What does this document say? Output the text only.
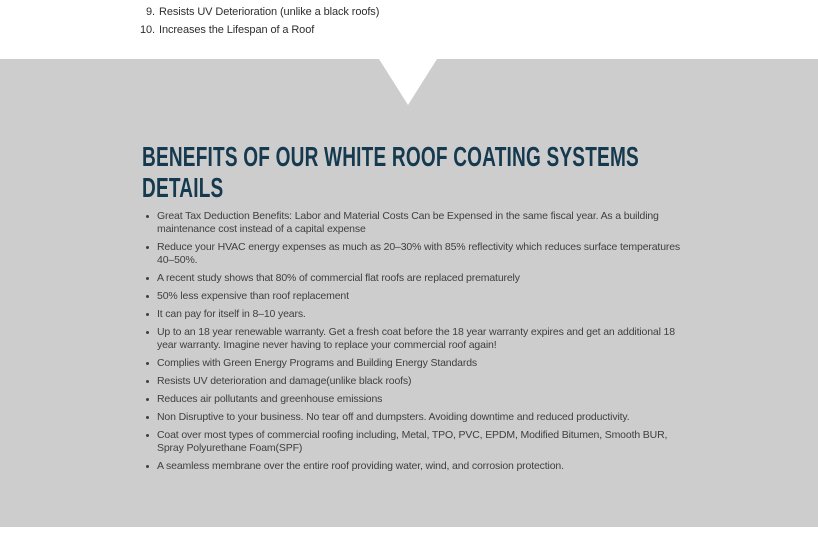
9. Resists UV Deterioration (unlike a black roofs)
10. Increases the Lifespan of a Roof
BENEFITS OF OUR WHITE ROOF COATING SYSTEMS DETAILS
Great Tax Deduction Benefits: Labor and Material Costs Can be Expensed in the same fiscal year. As a building maintenance cost instead of a capital expense
Reduce your HVAC energy expenses as much as 20–30% with 85% reflectivity which reduces surface temperatures 40–50%.
A recent study shows that 80% of commercial flat roofs are replaced prematurely
50% less expensive than roof replacement
It can pay for itself in 8–10 years.
Up to an 18 year renewable warranty. Get a fresh coat before the 18 year warranty expires and get an additional 18 year warranty. Imagine never having to replace your commercial roof again!
Complies with Green Energy Programs and Building Energy Standards
Resists UV deterioration and damage(unlike black roofs)
Reduces air pollutants and greenhouse emissions
Non Disruptive to your business. No tear off and dumpsters. Avoiding downtime and reduced productivity.
Coat over most types of commercial roofing including, Metal, TPO, PVC, EPDM, Modified Bitumen, Smooth BUR, Spray Polyurethane Foam(SPF)
A seamless membrane over the entire roof providing water, wind, and corrosion protection.
